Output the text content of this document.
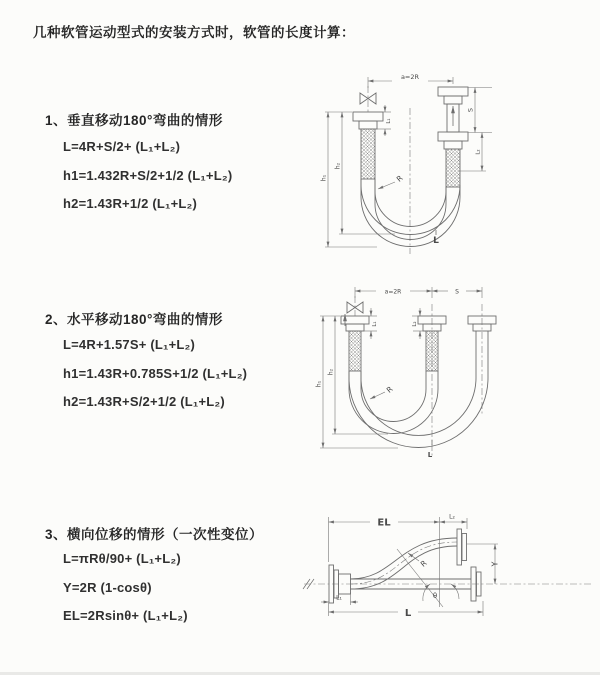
几种软管运动型式的安装方式时，软管的长度计算：
1、垂直移动180°弯曲的情形
L=4R+S/2+ (L₁+L₂)
h1=1.432R+S/2+1/2 (L₁+L₂)
h2=1.43R+1/2 (L₁+L₂)
a=2R
h₁
h₂
L₁
S
L₂
R
L
2、水平移动180°弯曲的情形
L=4R+1.57S+ (L₁+L₂)
h1=1.43R+0.785S+1/2 (L₁+L₂)
h2=1.43R+S/2+1/2 (L₁+L₂)
a=2R	S
h₁
h₂
L₁	L₂
R
L
3、横向位移的情形（一次性变位）
L=πRθ/90+ (L₁+L₂)
Y=2R (1-cosθ)
EL=2Rsinθ+ (L₁+L₂)
EL
L₂
Y
R
θ
L
L₁
